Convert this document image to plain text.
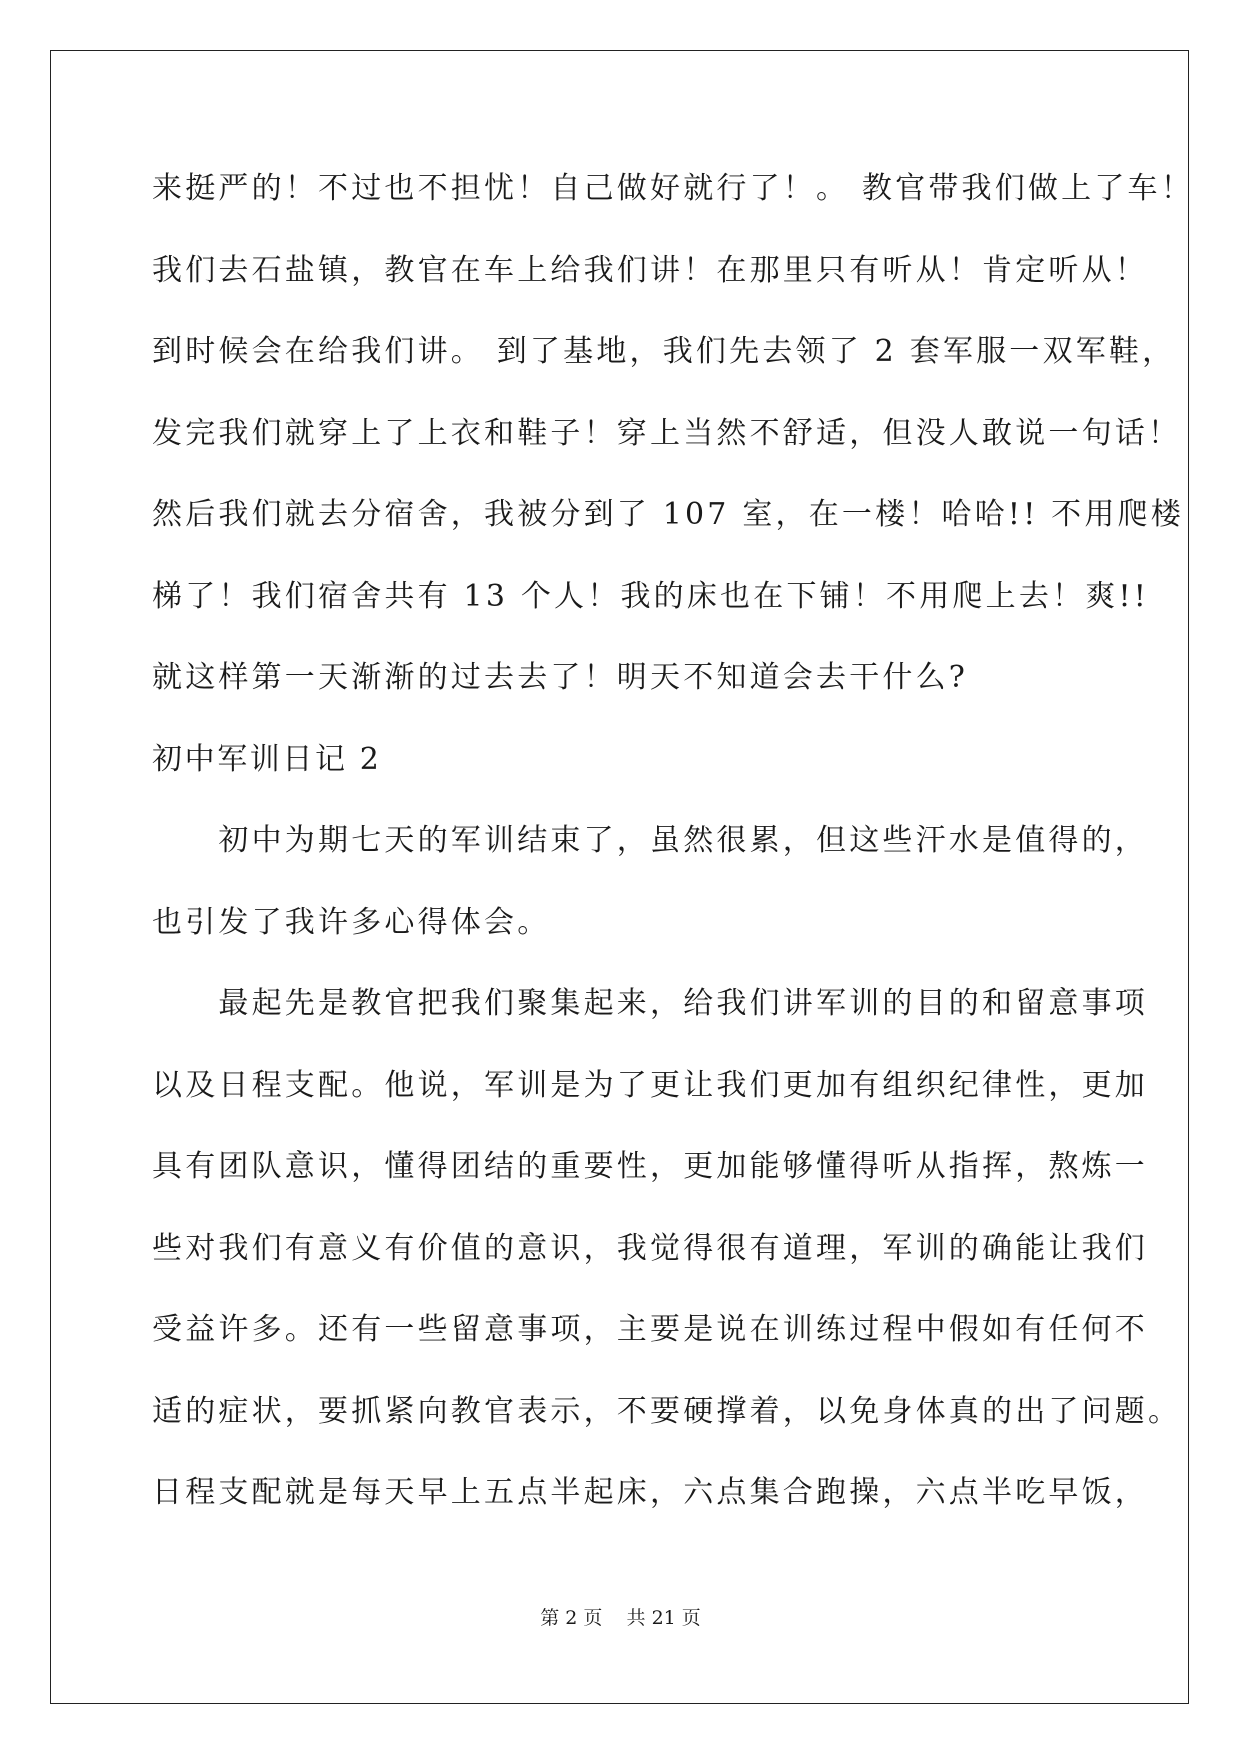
来挺严的！不过也不担忧！自己做好就行了！。 教官带我们做上了车！
我们去石盐镇，教官在车上给我们讲！在那里只有听从！肯定听从！
到时候会在给我们讲。 到了基地，我们先去领了 2 套军服一双军鞋，
发完我们就穿上了上衣和鞋子！穿上当然不舒适，但没人敢说一句话！
然后我们就去分宿舍，我被分到了 107 室，在一楼！哈哈!! 不用爬楼
梯了！我们宿舍共有 13 个人！我的床也在下铺！不用爬上去！爽!!
就这样第一天渐渐的过去去了！明天不知道会去干什么?
初中军训日记 2
　　初中为期七天的军训结束了，虽然很累，但这些汗水是值得的，
也引发了我许多心得体会。
　　最起先是教官把我们聚集起来，给我们讲军训的目的和留意事项
以及日程支配。他说，军训是为了更让我们更加有组织纪律性，更加
具有团队意识，懂得团结的重要性，更加能够懂得听从指挥，熬炼一
些对我们有意义有价值的意识，我觉得很有道理，军训的确能让我们
受益许多。还有一些留意事项，主要是说在训练过程中假如有任何不
适的症状，要抓紧向教官表示，不要硬撑着，以免身体真的出了问题。
日程支配就是每天早上五点半起床，六点集合跑操，六点半吃早饭，
第 2 页    共 21 页
